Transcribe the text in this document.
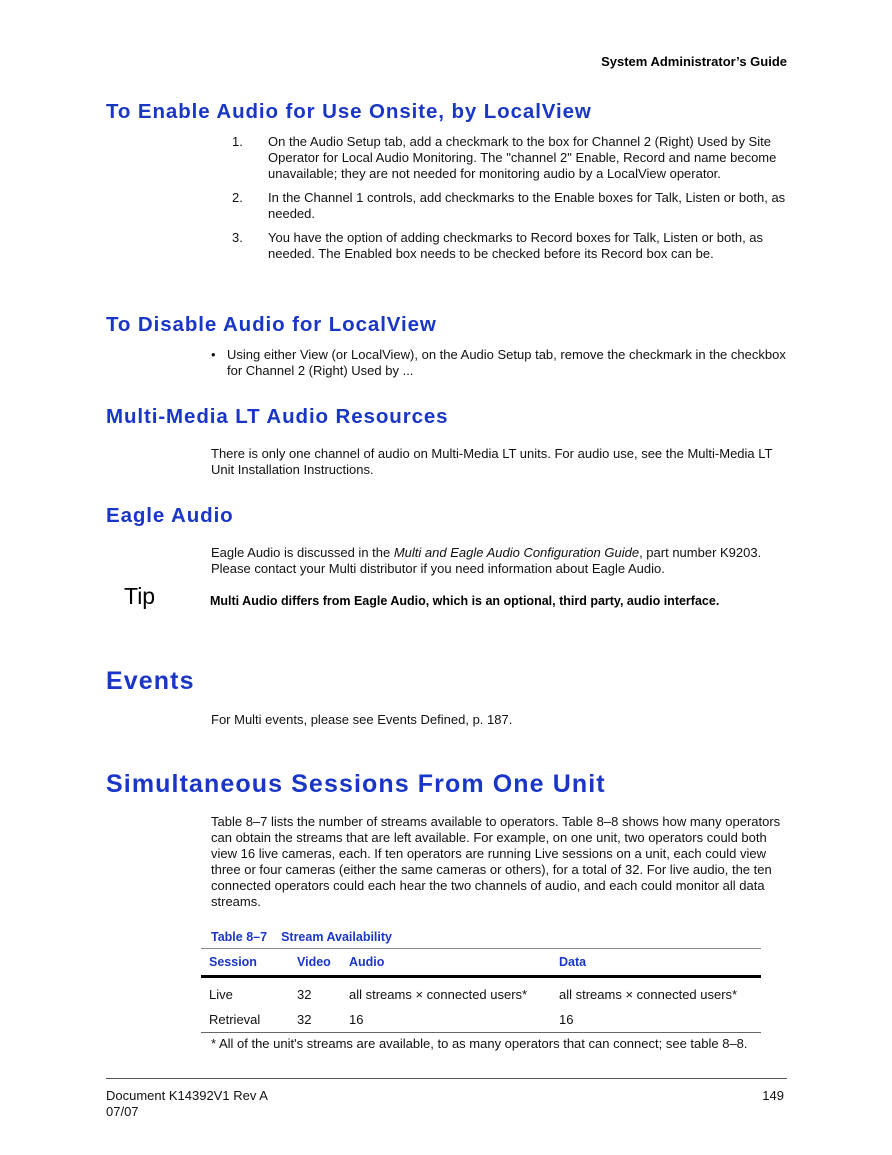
System Administrator’s Guide
To Enable Audio for Use Onsite, by LocalView
1. On the Audio Setup tab, add a checkmark to the box for Channel 2 (Right) Used by Site Operator for Local Audio Monitoring. The "channel 2" Enable, Record and name become unavailable; they are not needed for monitoring audio by a LocalView operator.
2. In the Channel 1 controls, add checkmarks to the Enable boxes for Talk, Listen or both, as needed.
3. You have the option of adding checkmarks to Record boxes for Talk, Listen or both, as needed. The Enabled box needs to be checked before its Record box can be.
To Disable Audio for LocalView
• Using either View (or LocalView), on the Audio Setup tab, remove the checkmark in the checkbox for Channel 2 (Right) Used by ...
Multi-Media LT Audio Resources

There is only one channel of audio on Multi-Media LT units. For audio use, see the Multi-Media LT Unit Installation Instructions.

Eagle Audio

Eagle Audio is discussed in the Multi and Eagle Audio Configuration Guide, part number K9203. Please contact your Multi distributor if you need information about Eagle Audio.

Tip	Multi Audio differs from Eagle Audio, which is an optional, third party, audio interface.
Events

For Multi events, please see Events Defined, p. 187.

Simultaneous Sessions From One Unit

Table 8–7 lists the number of streams available to operators. Table 8–8 shows how many operators can obtain the streams that are left available. For example, on one unit, two operators could both view 16 live cameras, each. If ten operators are running Live sessions on a unit, each could view three or four cameras (either the same cameras or others), for a total of 32. For live audio, the ten connected operators could each hear the two channels of audio, and each could monitor all data streams.

Table 8–7 Stream Availability
Session	Video	Audio	Data
Live	32	all streams × connected users*	all streams × connected users*
Retrieval	32	16	16
* All of the unit's streams are available, to as many operators that can connect; see table 8–8.
Document K14392V1 Rev A
07/07
149
